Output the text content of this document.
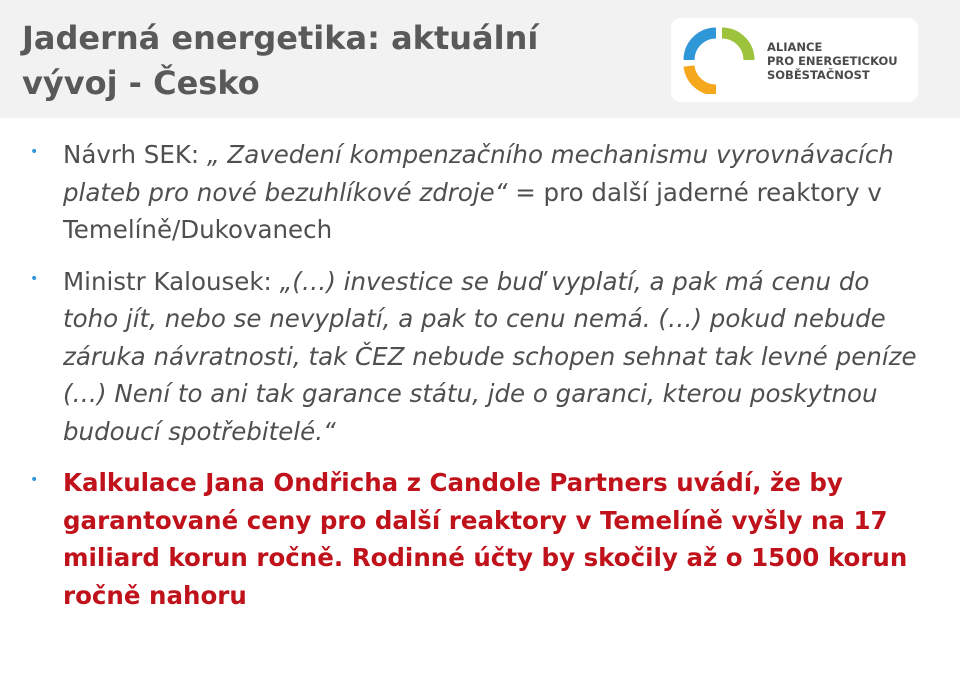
Jaderná energetika: aktuální
vývoj - Česko
ALIANCE
PRO ENERGETICKOU
SOBĚSTAČNOST
• Návrh SEK: „ Zavedení kompenzačního mechanismu vyrovnávacích plateb pro nové bezuhlíkové zdroje“ = pro další jaderné reaktory v Temelíně/Dukovanech
• Ministr Kalousek: „(…) investice se buď vyplatí, a pak má cenu do toho jít, nebo se nevyplatí, a pak to cenu nemá. (…) pokud nebude záruka návratnosti, tak ČEZ nebude schopen sehnat tak levné peníze (…) Není to ani tak garance státu, jde o garanci, kterou poskytnou budoucí spotřebitelé.“
• Kalkulace Jana Ondřicha z Candole Partners uvádí, že by garantované ceny pro další reaktory v Temelíně vyšly na 17 miliard korun ročně. Rodinné účty by skočily až o 1500 korun ročně nahoru
